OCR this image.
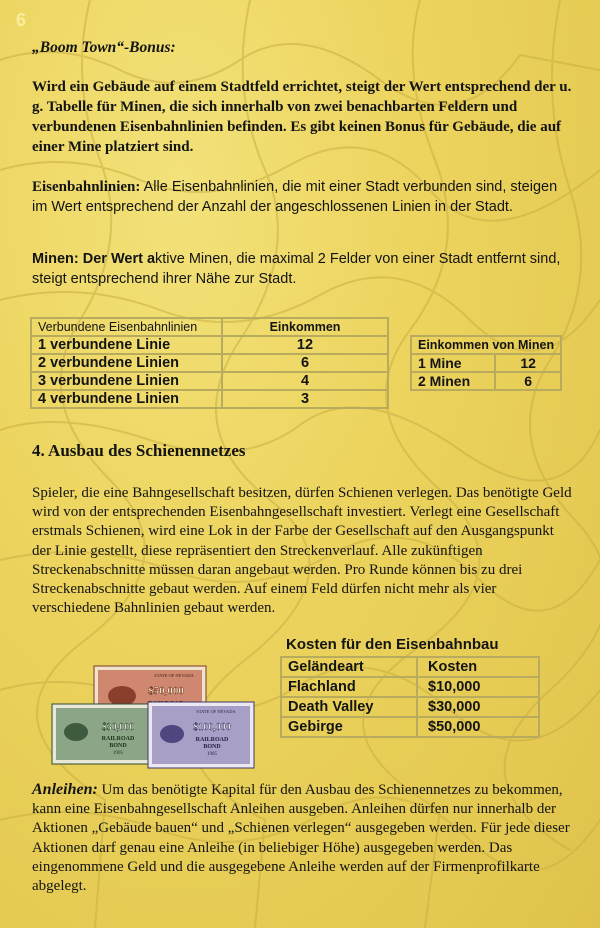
6
„Boom Town“-Bonus:
Wird ein Gebäude auf einem Stadtfeld errichtet, steigt der Wert entsprechend der u. g. Tabelle für Minen, die sich innerhalb von zwei benachbarten Feldern und verbundenen Eisenbahnlinien befinden. Es gibt keinen Bonus für Gebäude, die auf einer Mine platziert sind.
Eisenbahnlinien: Alle Eisenbahnlinien, die mit einer Stadt verbunden sind, steigen im Wert entsprechend der Anzahl der angeschlossenen Linien in der Stadt.
Minen: Der Wert aktive Minen, die maximal 2 Felder von einer Stadt entfernt sind, steigt entsprechend ihrer Nähe zur Stadt.
Verbundene Eisenbahnlinien	Einkommen
1 verbundene Linie	12
2 verbundene Linien	6
3 verbundene Linien	4
4 verbundene Linien	3
Einkommen von Minen	
1 Mine	12
2 Minen	6
4. Ausbau des Schienennetzes
Spieler, die eine Bahngesellschaft besitzen, dürfen Schienen verlegen. Das benötigte Geld wird von der entsprechenden Eisenbahngesellschaft investiert. Verlegt eine Gesellschaft erstmals Schienen, wird eine Lok in der Farbe der Gesellschaft auf den Ausgangspunkt der Linie gestellt, diese repräsentiert den Streckenverlauf. Alle zukünftigen Streckenabschnitte müssen daran angebaut werden. Pro Runde können bis zu drei Streckenabschnitte gebaut werden. Auf einem Feld dürfen nicht mehr als vier verschiedene Bahnlinien gebaut werden.
Kosten für den Eisenbahnbau
Geländeart	Kosten
Flachland	$10,000
Death Valley	$30,000
Gebirge	$50,000
STATE OF NEVADA
$50,000
$30,000
RAILROAD
BOND
1905
STATE OF NEVADA
$100,000
RAILROAD
BOND
1905
Anleihen: Um das benötigte Kapital für den Ausbau des Schienennetzes zu bekommen, kann eine Eisenbahngesellschaft Anleihen ausgeben. Anleihen dürfen nur innerhalb der Aktionen „Gebäude bauen“ und „Schienen verlegen“ ausgegeben werden. Für jede dieser Aktionen darf genau eine Anleihe (in beliebiger Höhe) ausgegeben werden. Das eingenommene Geld und die ausgegebene Anleihe werden auf der Firmenprofilkarte abgelegt.
